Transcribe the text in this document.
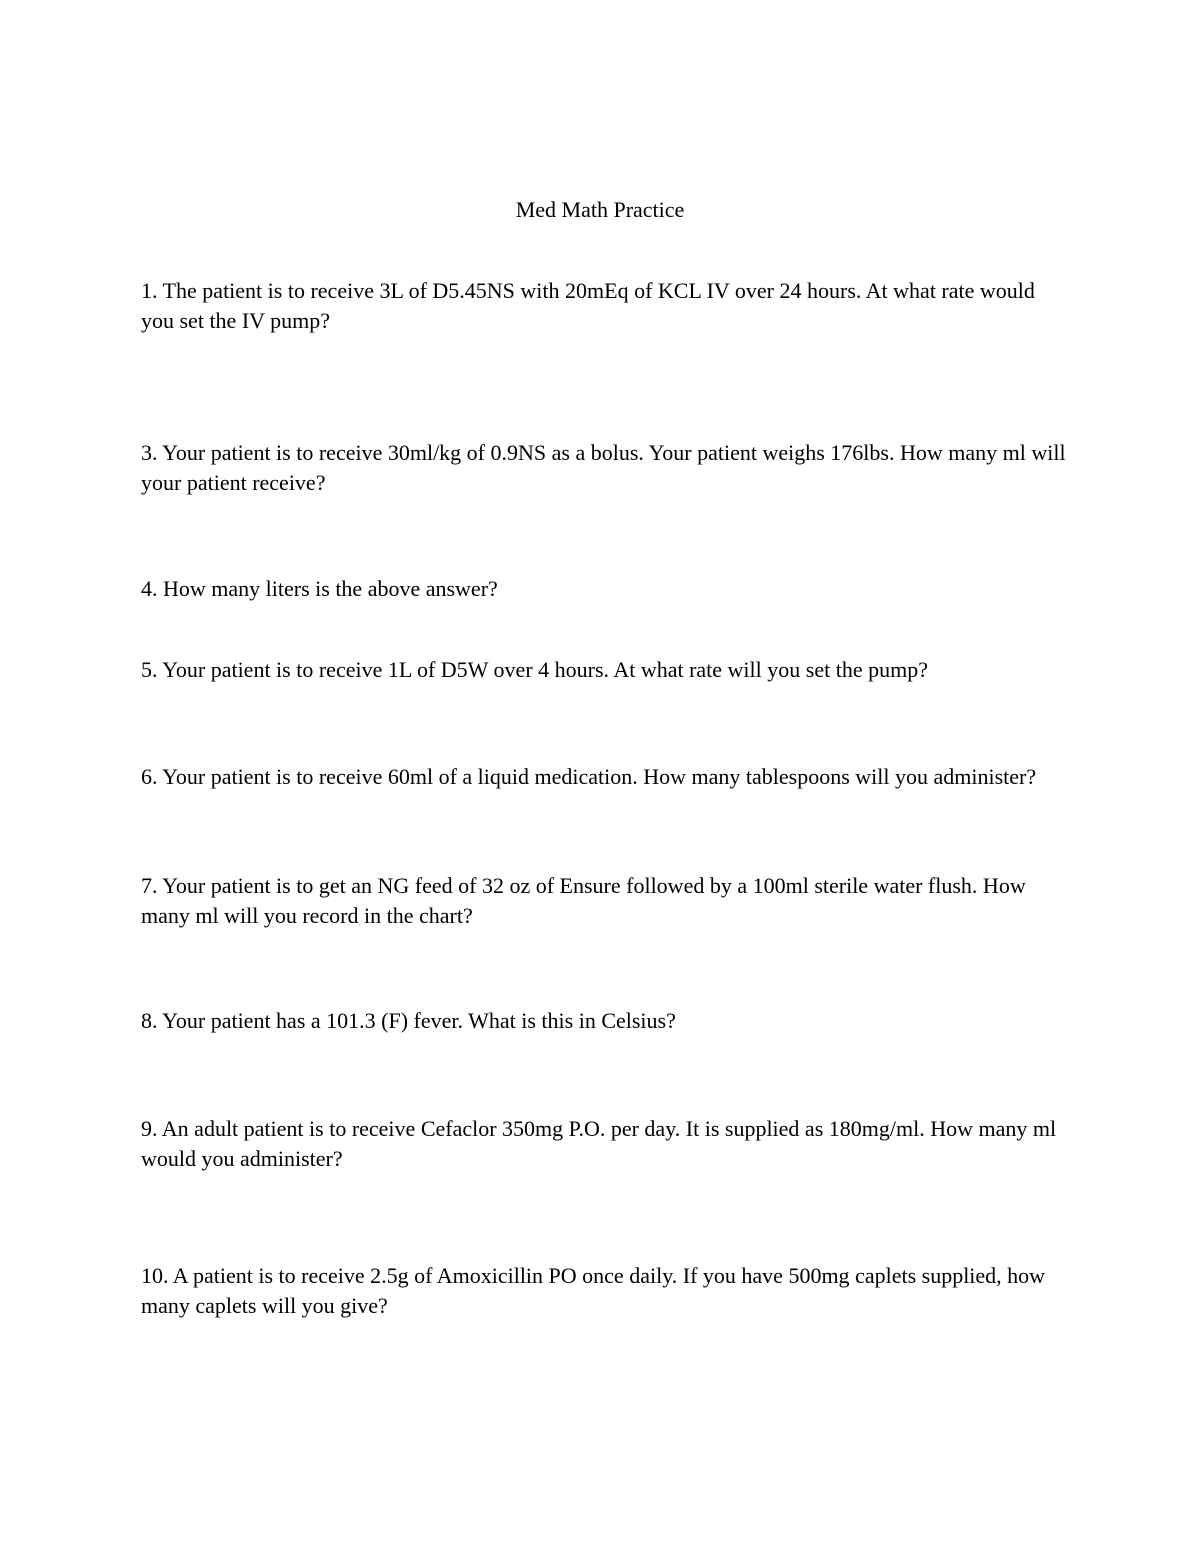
Med Math Practice

1. The patient is to receive 3L of D5.45NS with 20mEq of KCL IV over 24 hours. At what rate would you set the IV pump?

3. Your patient is to receive 30ml/kg of 0.9NS as a bolus. Your patient weighs 176lbs. How many ml will your patient receive?

4. How many liters is the above answer?

5. Your patient is to receive 1L of D5W over 4 hours. At what rate will you set the pump?

6. Your patient is to receive 60ml of a liquid medication. How many tablespoons will you administer?

7. Your patient is to get an NG feed of 32 oz of Ensure followed by a 100ml sterile water flush. How many ml will you record in the chart?

8. Your patient has a 101.3 (F) fever. What is this in Celsius?

9. An adult patient is to receive Cefaclor 350mg P.O. per day. It is supplied as 180mg/ml. How many ml would you administer?

10. A patient is to receive 2.5g of Amoxicillin PO once daily. If you have 500mg caplets supplied, how many caplets will you give?
